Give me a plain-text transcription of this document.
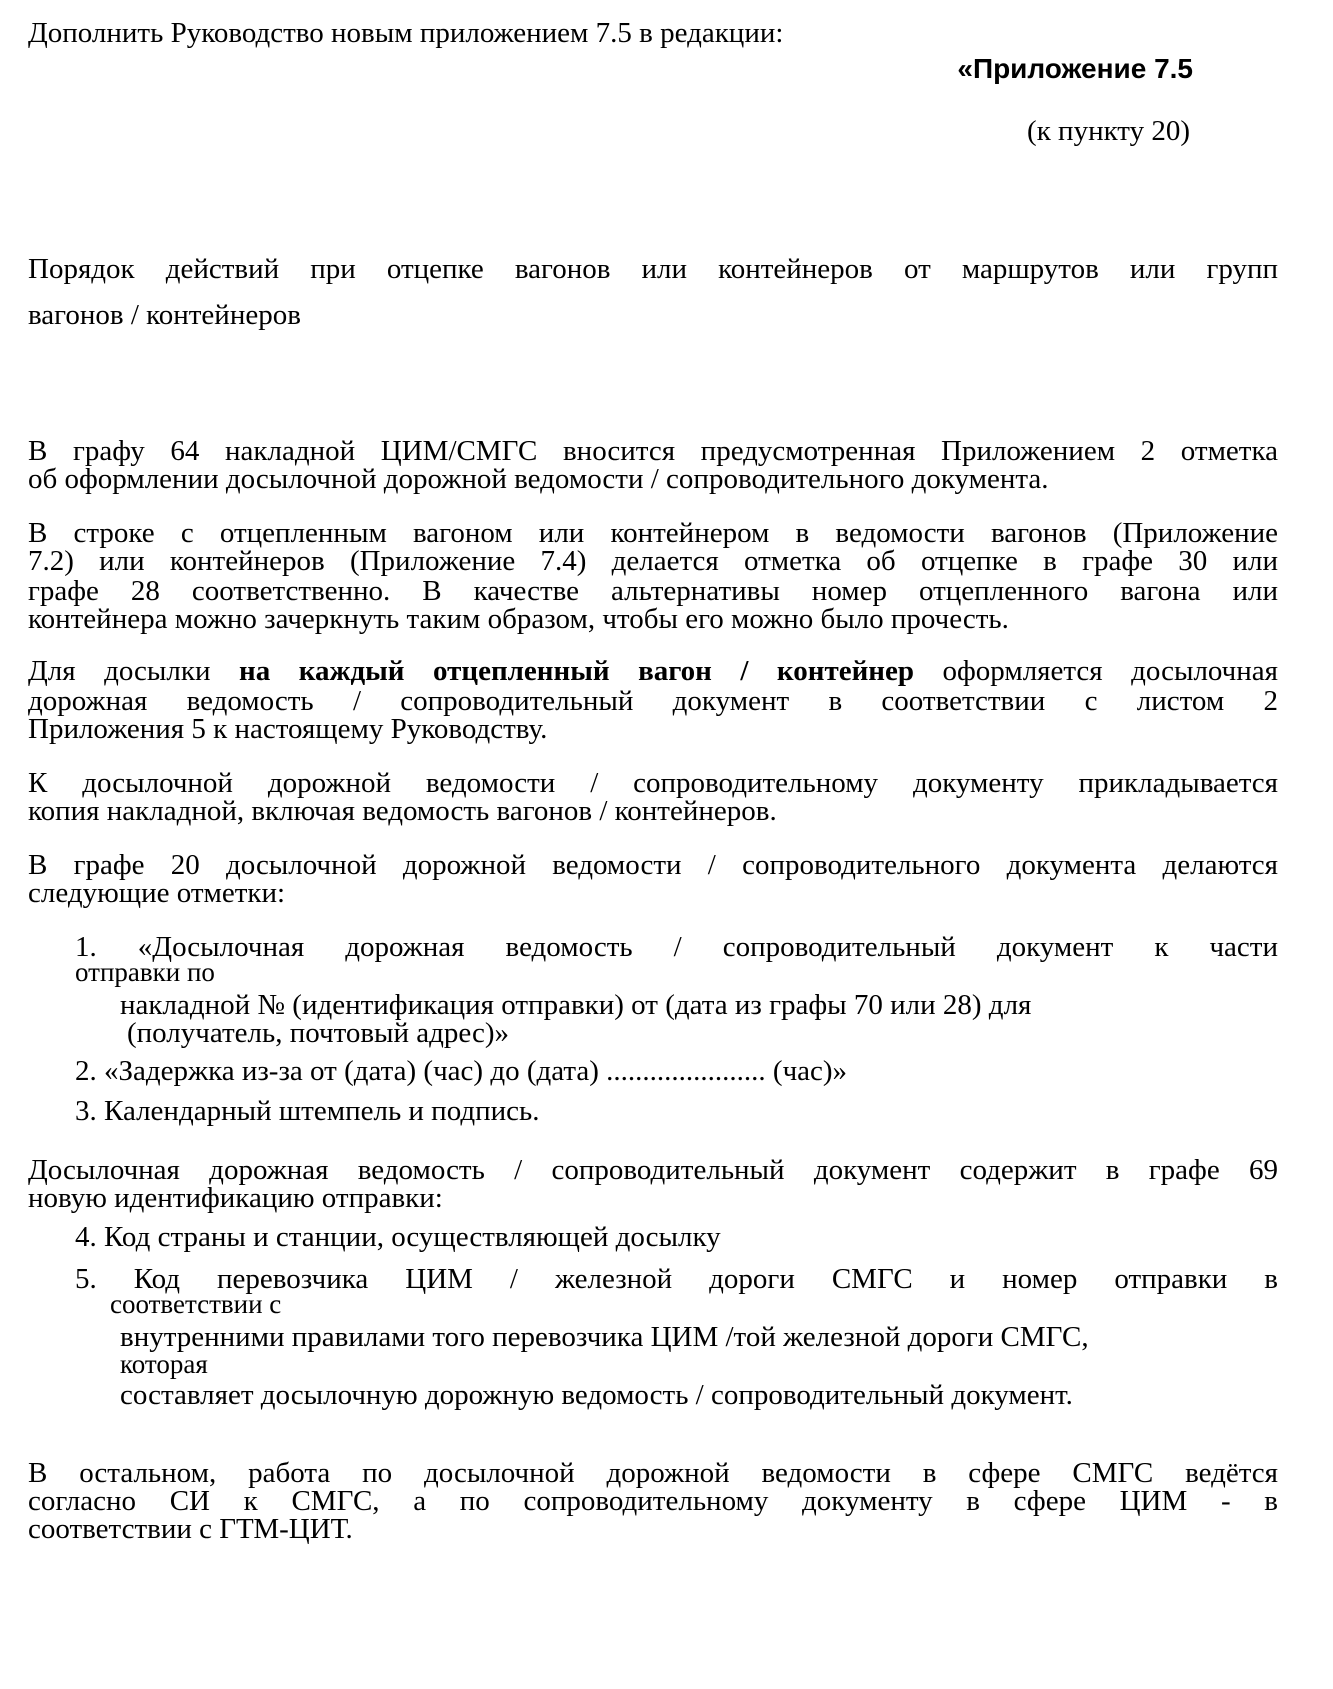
Дополнить Руководство новым приложением 7.5 в редакции:
«Приложение 7.5
(к пункту 20)
Порядок действий при отцепке вагонов или контейнеров от маршрутов или групп
вагонов / контейнеров
В графу 64 накладной ЦИМ/СМГС вносится предусмотренная Приложением 2 отметка
об оформлении досылочной дорожной ведомости / сопроводительного документа.
В строке с отцепленным вагоном или контейнером в ведомости вагонов (Приложение
7.2) или контейнеров (Приложение 7.4) делается отметка об отцепке в графе 30 или
графе 28 соответственно. В качестве альтернативы номер отцепленного вагона или
контейнера можно зачеркнуть таким образом, чтобы его можно было прочесть.
Для досылки на каждый отцепленный вагон / контейнер оформляется досылочная
дорожная ведомость / сопроводительный документ в соответствии с листом 2
Приложения 5 к настоящему Руководству.
К досылочной дорожной ведомости / сопроводительному документу прикладывается
копия накладной, включая ведомость вагонов / контейнеров.
В графе 20 досылочной дорожной ведомости / сопроводительного документа делаются
следующие отметки:
1. «Досылочная дорожная ведомость / сопроводительный документ к части
отправки по
накладной № (идентификация отправки) от (дата из графы 70 или 28) для
(получатель, почтовый адрес)»
2. «Задержка из-за от (дата) (час) до (дата) ...................... (час)»
3. Календарный штемпель и подпись.
Досылочная дорожная ведомость / сопроводительный документ содержит в графе 69
новую идентификацию отправки:
4. Код страны и станции, осуществляющей досылку
5. Код перевозчика ЦИМ / железной дороги СМГС и номер отправки в
соответствии с
внутренними правилами того перевозчика ЦИМ /той железной дороги СМГС,
которая
составляет досылочную дорожную ведомость / сопроводительный документ.
В остальном, работа по досылочной дорожной ведомости в сфере СМГС ведётся
согласно СИ к СМГС, а по сопроводительному документу в сфере ЦИМ - в
соответствии с ГТМ-ЦИТ.
